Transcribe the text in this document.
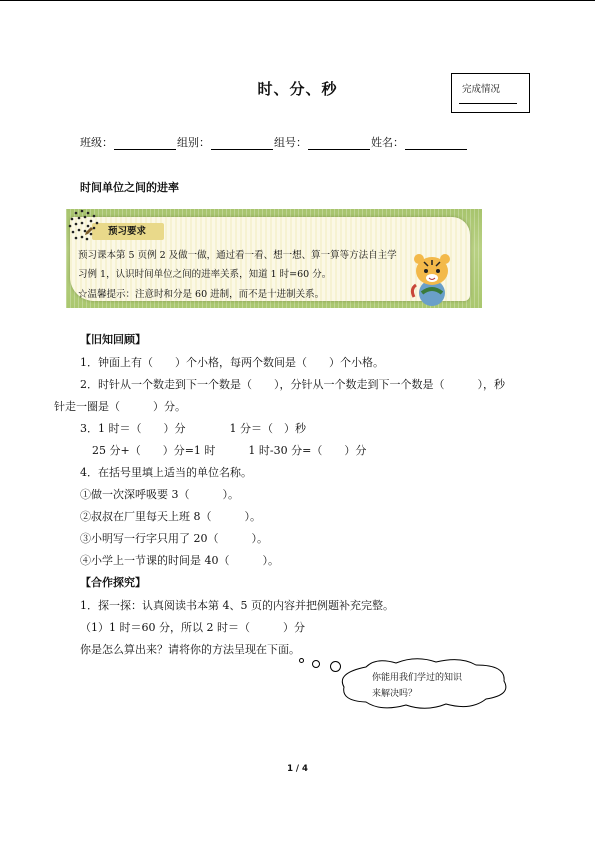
时、分、秒	完成情况
班级：	组别：	组号：	姓名：
时间单位之间的进率
预习要求
预习课本第 5 页例 2 及做一做，通过看一看、想一想、算一算等方法自主学
习例 1，认识时间单位之间的进率关系，知道 1 时=60 分。
☆温馨提示：注意时和分是 60 进制，而不是十进制关系。
【旧知回顾】
1．钟面上有（　　）个小格，每两个数间是（　　）个小格。
2．时针从一个数走到下一个数是（　　），分针从一个数走到下一个数是（　　　），秒
针走一圈是（　　　）分。
3．1 时＝（　　）分　　　　1 分＝（　）秒
25 分+（　　）分=1 时　　　1 时-30 分=（　　）分
4．在括号里填上适当的单位名称。
①做一次深呼吸要 3（　　　）。
②叔叔在厂里每天上班 8（　　　）。
③小明写一行字只用了 20（　　　）。
④小学上一节课的时间是 40（　　　）。
【合作探究】
1．探一探：认真阅读书本第 4、5 页的内容并把例题补充完整。
（1）1 时＝60 分，所以 2 时＝（　　　）分
你是怎么算出来？请将你的方法呈现在下面。
你能用我们学过的知识
来解决吗？
1 / 4
